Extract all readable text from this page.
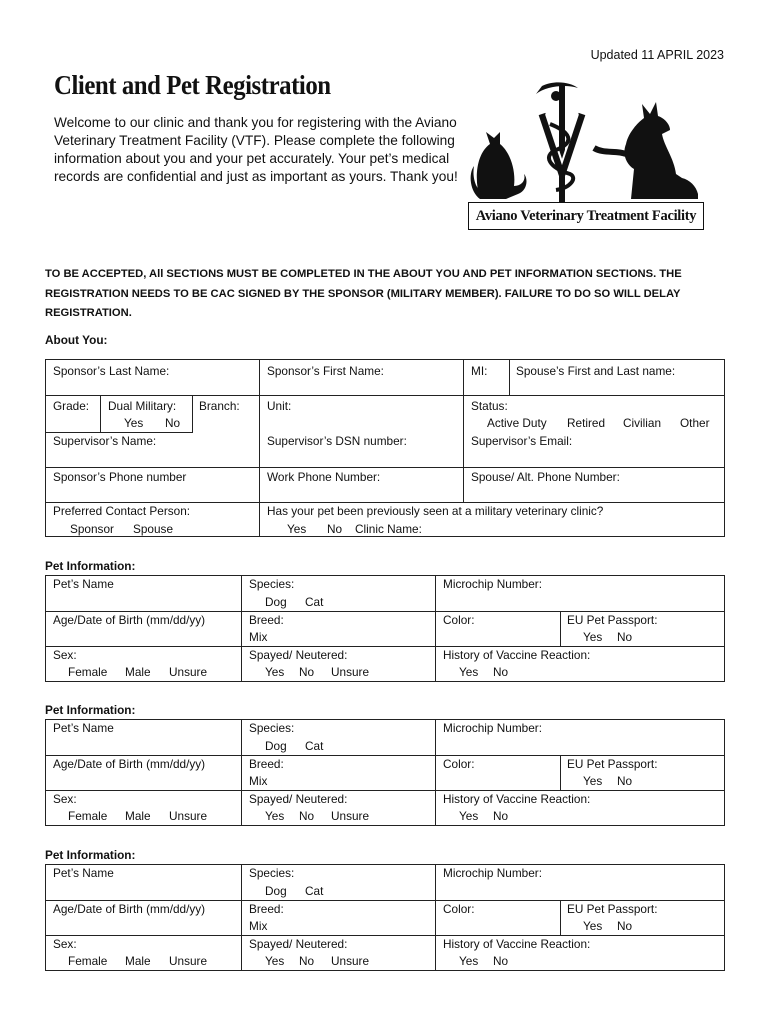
Updated 11 APRIL 2023
Client and Pet Registration
Welcome to our clinic and thank you for registering with the Aviano Veterinary Treatment Facility (VTF). Please complete the following information about you and your pet accurately. Your pet’s medical records are confidential and just as important as yours. Thank you!
Aviano Veterinary Treatment Facility
TO BE ACCEPTED, All SECTIONS MUST BE COMPLETED IN THE ABOUT YOU AND PET INFORMATION SECTIONS. THE REGISTRATION NEEDS TO BE CAC SIGNED BY THE SPONSOR (MILITARY MEMBER). FAILURE TO DO SO WILL DELAY REGISTRATION.
About You:
Sponsor’s Last Name:	Sponsor’s First Name:	MI: Spouse’s First and Last name:
Grade: Dual Military:
Yes No
Branch: Unit:	Status:
Active Duty Retired Civilian Other
Supervisor’s Name:	Supervisor’s DSN number:	Supervisor’s Email:
Sponsor’s Phone number	Work Phone Number:	Spouse/ Alt. Phone Number:
Preferred Contact Person:
Sponsor Spouse
Has your pet been previously seen at a military veterinary clinic?
Yes No Clinic Name:
Pet Information:
Pet’s Name	Species:
Dog Cat
Microchip Number:
Age/Date of Birth (mm/dd/yy)	Breed:
Mix
Color:	EU Pet Passport:
Yes No
Sex:
Female Male Unsure
Spayed/ Neutered:
Yes No Unsure
History of Vaccine Reaction:
Yes No
Pet Information:
Pet’s Name	Species:
Dog Cat
Microchip Number:
Age/Date of Birth (mm/dd/yy)	Breed:
Mix
Color:	EU Pet Passport:
Yes No
Sex:
Female Male Unsure
Spayed/ Neutered:
Yes No Unsure
History of Vaccine Reaction:
Yes No
Pet Information:
Pet’s Name	Species:
Dog Cat
Microchip Number:
Age/Date of Birth (mm/dd/yy)	Breed:
Mix
Color:	EU Pet Passport:
Yes No
Sex:
Female Male Unsure
Spayed/ Neutered:
Yes No Unsure
History of Vaccine Reaction:
Yes No
